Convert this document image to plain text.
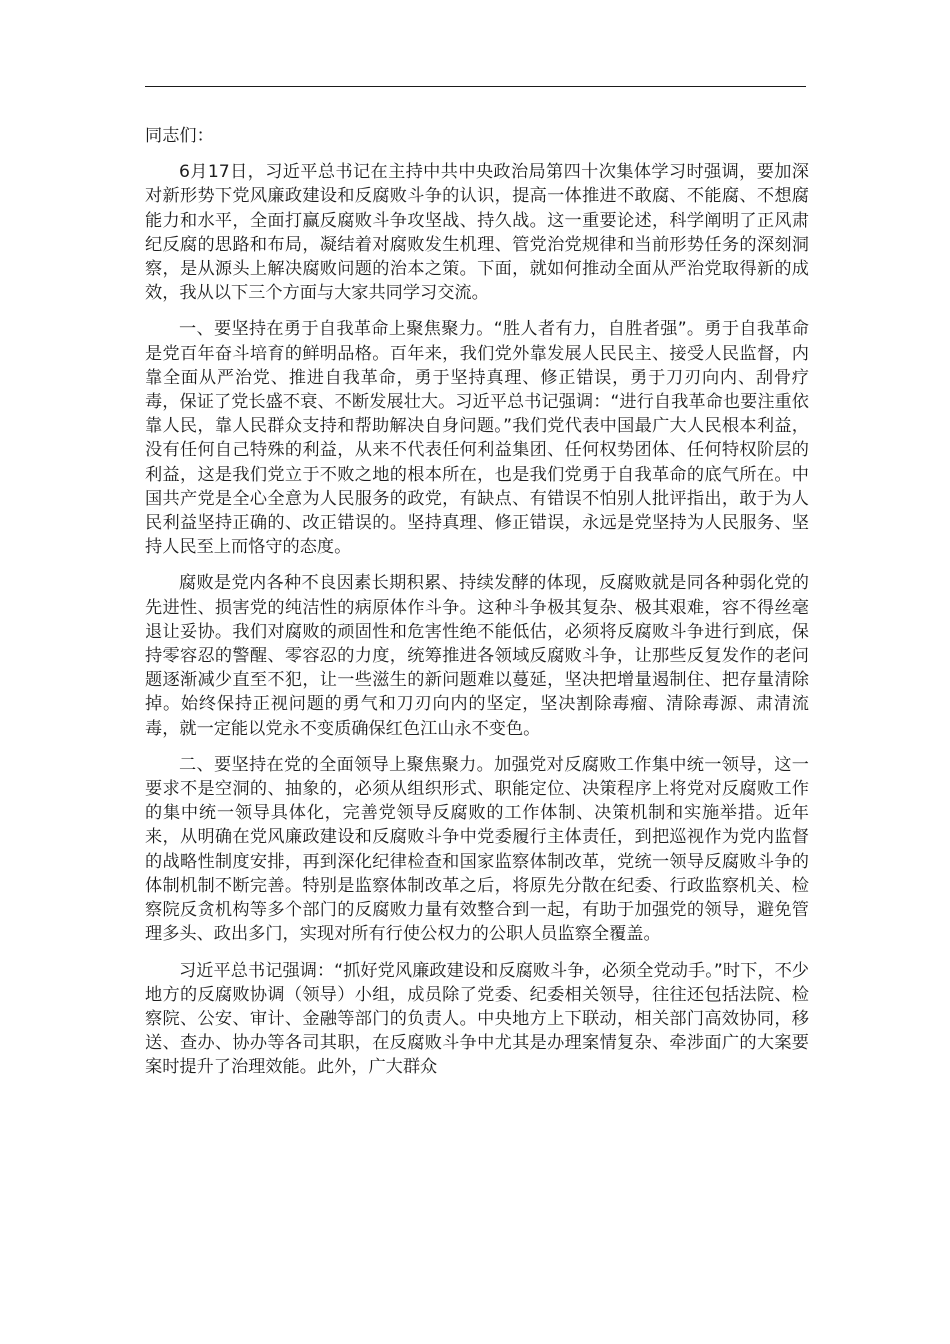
同志们：

6月17日，习近平总书记在主持中共中央政治局第四十次集体学习时强调，要加深对新形势下党风廉政建设和反腐败斗争的认识，提高一体推进不敢腐、不能腐、不想腐能力和水平，全面打赢反腐败斗争攻坚战、持久战。这一重要论述，科学阐明了正风肃纪反腐的思路和布局，凝结着对腐败发生机理、管党治党规律和当前形势任务的深刻洞察，是从源头上解决腐败问题的治本之策。下面，就如何推动全面从严治党取得新的成效，我从以下三个方面与大家共同学习交流。

一、要坚持在勇于自我革命上聚焦聚力。“胜人者有力，自胜者强”。勇于自我革命是党百年奋斗培育的鲜明品格。百年来，我们党外靠发展人民民主、接受人民监督，内靠全面从严治党、推进自我革命，勇于坚持真理、修正错误，勇于刀刃向内、刮骨疗毒，保证了党长盛不衰、不断发展壮大。习近平总书记强调：“进行自我革命也要注重依靠人民，靠人民群众支持和帮助解决自身问题。”我们党代表中国最广大人民根本利益，没有任何自己特殊的利益，从来不代表任何利益集团、任何权势团体、任何特权阶层的利益，这是我们党立于不败之地的根本所在，也是我们党勇于自我革命的底气所在。中国共产党是全心全意为人民服务的政党，有缺点、有错误不怕别人批评指出，敢于为人民利益坚持正确的、改正错误的。坚持真理、修正错误，永远是党坚持为人民服务、坚持人民至上而恪守的态度。

腐败是党内各种不良因素长期积累、持续发酵的体现，反腐败就是同各种弱化党的先进性、损害党的纯洁性的病原体作斗争。这种斗争极其复杂、极其艰难，容不得丝毫退让妥协。我们对腐败的顽固性和危害性绝不能低估，必须将反腐败斗争进行到底，保持零容忍的警醒、零容忍的力度，统筹推进各领域反腐败斗争，让那些反复发作的老问题逐渐减少直至不犯，让一些滋生的新问题难以蔓延，坚决把增量遏制住、把存量清除掉。始终保持正视问题的勇气和刀刃向内的坚定，坚决割除毒瘤、清除毒源、肃清流毒，就一定能以党永不变质确保红色江山永不变色。

二、要坚持在党的全面领导上聚焦聚力。加强党对反腐败工作集中统一领导，这一要求不是空洞的、抽象的，必须从组织形式、职能定位、决策程序上将党对反腐败工作的集中统一领导具体化，完善党领导反腐败的工作体制、决策机制和实施举措。近年来，从明确在党风廉政建设和反腐败斗争中党委履行主体责任，到把巡视作为党内监督的战略性制度安排，再到深化纪律检查和国家监察体制改革，党统一领导反腐败斗争的体制机制不断完善。特别是监察体制改革之后，将原先分散在纪委、行政监察机关、检察院反贪机构等多个部门的反腐败力量有效整合到一起，有助于加强党的领导，避免管理多头、政出多门，实现对所有行使公权力的公职人员监察全覆盖。

习近平总书记强调：“抓好党风廉政建设和反腐败斗争，必须全党动手。”时下，不少地方的反腐败协调（领导）小组，成员除了党委、纪委相关领导，往往还包括法院、检察院、公安、审计、金融等部门的负责人。中央地方上下联动，相关部门高效协同，移送、查办、协办等各司其职，在反腐败斗争中尤其是办理案情复杂、牵涉面广的大案要案时提升了治理效能。此外，广大群众
